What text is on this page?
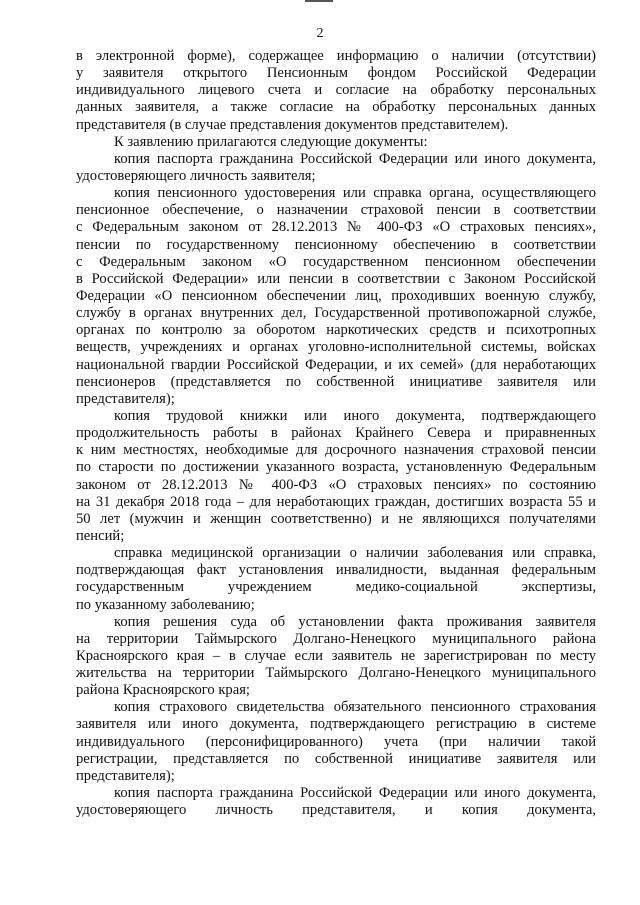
2
в электронной форме), содержащее информацию о наличии (отсутствии)
у заявителя открытого Пенсионным фондом Российской Федерации
индивидуального лицевого счета и согласие на обработку персональных
данных заявителя, а также согласие на обработку персональных данных
представителя (в случае представления документов представителем).
К заявлению прилагаются следующие документы:
копия паспорта гражданина Российской Федерации или иного документа,
удостоверяющего личность заявителя;
копия пенсионного удостоверения или справка органа, осуществляющего
пенсионное обеспечение, о назначении страховой пенсии в соответствии
с Федеральным законом от 28.12.2013 № 400-ФЗ «О страховых пенсиях»,
пенсии по государственному пенсионному обеспечению в соответствии
с Федеральным законом «О государственном пенсионном обеспечении
в Российской Федерации» или пенсии в соответствии с Законом Российской
Федерации «О пенсионном обеспечении лиц, проходивших военную службу,
службу в органах внутренних дел, Государственной противопожарной службе,
органах по контролю за оборотом наркотических средств и психотропных
веществ, учреждениях и органах уголовно-исполнительной системы, войсках
национальной гвардии Российской Федерации, и их семей» (для неработающих
пенсионеров (представляется по собственной инициативе заявителя или
представителя);
копия трудовой книжки или иного документа, подтверждающего
продолжительность работы в районах Крайнего Севера и приравненных
к ним местностях, необходимые для досрочного назначения страховой пенсии
по старости по достижении указанного возраста, установленную Федеральным
законом от 28.12.2013 № 400-ФЗ «О страховых пенсиях» по состоянию
на 31 декабря 2018 года – для неработающих граждан, достигших возраста 55 и
50 лет (мужчин и женщин соответственно) и не являющихся получателями
пенсий;
справка медицинской организации о наличии заболевания или справка,
подтверждающая факт установления инвалидности, выданная федеральным
государственным учреждением медико-социальной экспертизы,
по указанному заболеванию;
копия решения суда об установлении факта проживания заявителя
на территории Таймырского Долгано-Ненецкого муниципального района
Красноярского края – в случае если заявитель не зарегистрирован по месту
жительства на территории Таймырского Долгано-Ненецкого муниципального
района Красноярского края;
копия страхового свидетельства обязательного пенсионного страхования
заявителя или иного документа, подтверждающего регистрацию в системе
индивидуального (персонифицированного) учета (при наличии такой
регистрации, представляется по собственной инициативе заявителя или
представителя);
копия паспорта гражданина Российской Федерации или иного документа,
удостоверяющего личность представителя, и копия документа,
